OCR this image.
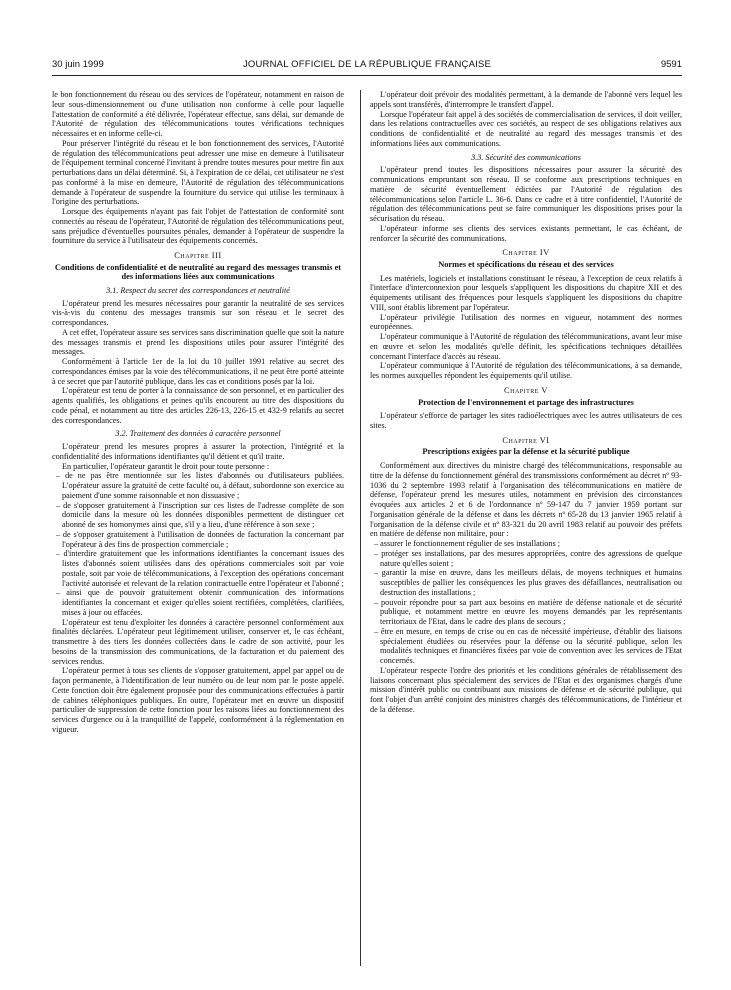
30 juin 1999	JOURNAL OFFICIEL DE LA RÉPUBLIQUE FRANÇAISE	9591

le bon fonctionnement du réseau ou des services de l'opérateur, notamment en raison de leur sous-dimensionnement ou d'une utilisation non conforme à celle pour laquelle l'attestation de conformité a été délivrée, l'opérateur effectue, sans délai, sur demande de l'Autorité de régulation des télécommunications toutes vérifications techniques nécessaires et en informe celle-ci.

Pour préserver l'intégrité du réseau et le bon fonctionnement des services, l'Autorité de régulation des télécommunications peut adresser une mise en demeure à l'utilisateur de l'équipement terminal concerné l'invitant à prendre toutes mesures pour mettre fin aux perturbations dans un délai déterminé. Si, à l'expiration de ce délai, cet utilisateur ne s'est pas conformé à la mise en demeure, l'Autorité de régulation des télécommunications demande à l'opérateur de suspendre la fourniture du service qui utilise les terminaux à l'origine des perturbations.

Lorsque des équipements n'ayant pas fait l'objet de l'attestation de conformité sont connectés au réseau de l'opérateur, l'Autorité de régulation des télécommunications peut, sans préjudice d'éventuelles poursuites pénales, demander à l'opérateur de suspendre la fourniture du service à l'utilisateur des équipements concernés.

Chapitre III
Conditions de confidentialité et de neutralité au regard des messages transmis et des informations liées aux communications
3.1. Respect du secret des correspondances et neutralité

L'opérateur prend les mesures nécessaires pour garantir la neutralité de ses services vis-à-vis du contenu des messages transmis sur son réseau et le secret des correspondances.

A cet effet, l'opérateur assure ses services sans discrimination quelle que soit la nature des messages transmis et prend les dispositions utiles pour assurer l'intégrité des messages.

Conformément à l'article 1er de la loi du 10 juillet 1991 relative au secret des correspondances émises par la voie des télécommunications, il ne peut être porté atteinte à ce secret que par l'autorité publique, dans les cas et conditions posés par la loi.

L'opérateur est tenu de porter à la connaissance de son personnel, et en particulier des agents qualifiés, les obligations et peines qu'ils encourent au titre des dispositions du code pénal, et notamment au titre des articles 226-13, 226-15 et 432-9 relatifs au secret des correspondances.

3.2. Traitement des données à caractère personnel

L'opérateur prend les mesures propres à assurer la protection, l'intégrité et la confidentialité des informations identifiantes qu'il détient et qu'il traite.

En particulier, l'opérateur garantit le droit pour toute personne :

– de ne pas être mentionnée sur les listes d'abonnés ou d'utilisateurs publiées. L'opérateur assure la gratuité de cette faculté ou, à défaut, subordonne son exercice au paiement d'une somme raisonnable et non dissuasive ;
– de s'opposer gratuitement à l'inscription sur ces listes de l'adresse complète de son domicile dans la mesure où les données disponibles permettent de distinguer cet abonné de ses homonymes ainsi que, s'il y a lieu, d'une référence à son sexe ;
– de s'opposer gratuitement à l'utilisation de données de facturation la concernant par l'opérateur à des fins de prospection commerciale ;
– d'interdire gratuitement que les informations identifiantes la concernant issues des listes d'abonnés soient utilisées dans des opérations commerciales soit par voie postale, soit par voie de télécommunications, à l'exception des opérations concernant l'activité autorisée et relevant de la relation contractuelle entre l'opérateur et l'abonné ;
– ainsi que de pouvoir gratuitement obtenir communication des informations identifiantes la concernant et exiger qu'elles soient rectifiées, complétées, clarifiées, mises à jour ou effacées.

L'opérateur est tenu d'exploiter les données à caractère personnel conformément aux finalités déclarées. L'opérateur peut légitimement utiliser, conserver et, le cas échéant, transmettre à des tiers les données collectées dans le cadre de son activité, pour les besoins de la transmission des communications, de la facturation et du paiement des services rendus.

L'opérateur permet à tous ses clients de s'opposer gratuitement, appel par appel ou de façon permanente, à l'identification de leur numéro ou de leur nom par le poste appelé. Cette fonction doit être également proposée pour des communications effectuées à partir de cabines téléphoniques publiques. En outre, l'opérateur met en œuvre un dispositif particulier de suppression de cette fonction pour les raisons liées au fonctionnement des services d'urgence ou à la tranquillité de l'appelé, conformément à la réglementation en vigueur.

L'opérateur doit prévoir des modalités permettant, à la demande de l'abonné vers lequel les appels sont transférés, d'interrompre le transfert d'appel.

Lorsque l'opérateur fait appel à des sociétés de commercialisation de services, il doit veiller, dans les relations contractuelles avec ces sociétés, au respect de ses obligations relatives aux conditions de confidentialité et de neutralité au regard des messages transmis et des informations liées aux communications.

3.3. Sécurité des communications

L'opérateur prend toutes les dispositions nécessaires pour assurer la sécurité des communications empruntant son réseau. Il se conforme aux prescriptions techniques en matière de sécurité éventuellement édictées par l'Autorité de régulation des télécommunications selon l'article L. 36-6. Dans ce cadre et à titre confidentiel, l'Autorité de régulation des télécommunications peut se faire communiquer les dispositions prises pour la sécurisation du réseau.

L'opérateur informe ses clients des services existants permettant, le cas échéant, de renforcer la sécurité des communications.

Chapitre IV
Normes et spécifications du réseau et des services

Les matériels, logiciels et installations constituant le réseau, à l'exception de ceux relatifs à l'interface d'interconnexion pour lesquels s'appliquent les dispositions du chapitre XII et des équipements utilisant des fréquences pour lesquels s'appliquent les dispositions du chapitre VIII, sont établis librement par l'opérateur.

L'opérateur privilégie l'utilisation des normes en vigueur, notamment des normes européennes.

L'opérateur communique à l'Autorité de régulation des télécommunications, avant leur mise en œuvre et selon les modalités qu'elle définit, les spécifications techniques détaillées concernant l'interface d'accès au réseau.

L'opérateur communique à l'Autorité de régulation des télécommunications, à sa demande, les normes auxquelles répondent les équipements qu'il utilise.

Chapitre V
Protection de l'environnement et partage des infrastructures

L'opérateur s'efforce de partager les sites radioélectriques avec les autres utilisateurs de ces sites.

Chapitre VI
Prescriptions exigées par la défense et la sécurité publique

Conformément aux directives du ministre chargé des télécommunications, responsable au titre de la défense du fonctionnement général des transmissions conformément au décret nº 93-1036 du 2 septembre 1993 relatif à l'organisation des télécommunications en matière de défense, l'opérateur prend les mesures utiles, notamment en prévision des circonstances évoquées aux articles 2 et 6 de l'ordonnance nº 59-147 du 7 janvier 1959 portant sur l'organisation générale de la défense et dans les décrets nº 65-28 du 13 janvier 1965 relatif à l'organisation de la défense civile et nº 83-321 du 20 avril 1983 relatif au pouvoir des préfets en matière de défense non militaire, pour :

– assurer le fonctionnement régulier de ses installations ;
– protéger ses installations, par des mesures appropriées, contre des agressions de quelque nature qu'elles soient ;
– garantir la mise en œuvre, dans les meilleurs délais, de moyens techniques et humains susceptibles de pallier les conséquences les plus graves des défaillances, neutralisation ou destruction des installations ;
– pouvoir répondre pour sa part aux besoins en matière de défense nationale et de sécurité publique, et notamment mettre en œuvre les moyens demandés par les représentants territoriaux de l'Etat, dans le cadre des plans de secours ;
– être en mesure, en temps de crise ou en cas de nécessité impérieuse, d'établir des liaisons spécialement étudiées ou réservées pour la défense ou la sécurité publique, selon les modalités techniques et financières fixées par voie de convention avec les services de l'Etat concernés.

L'opérateur respecte l'ordre des priorités et les conditions générales de rétablissement des liaisons concernant plus spécialement des services de l'Etat et des organismes chargés d'une mission d'intérêt public ou contribuant aux missions de défense et de sécurité publique, qui font l'objet d'un arrêté conjoint des ministres chargés des télécommunications, de l'intérieur et de la défense.
